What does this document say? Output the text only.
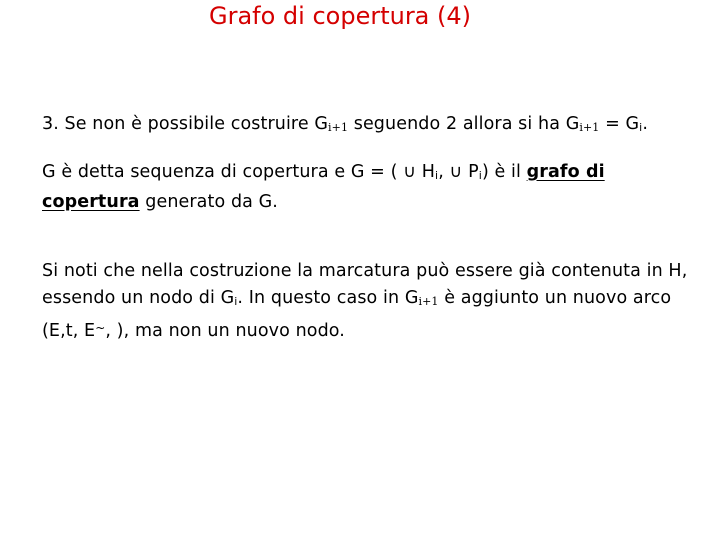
Grafo di copertura (4)

3. Se non è possibile costruire Gi+1 seguendo 2 allora si ha Gi+1 = Gi.

G è detta sequenza di copertura e G = ( ∪ Hi, ∪ Pi) è il grafo di
copertura generato da G.

Si noti che nella costruzione la marcatura può essere già contenuta in H, essendo un nodo di Gi. In questo caso in Gi+1 è aggiunto un nuovo arco (E,t, E~, ), ma non un nuovo nodo.
